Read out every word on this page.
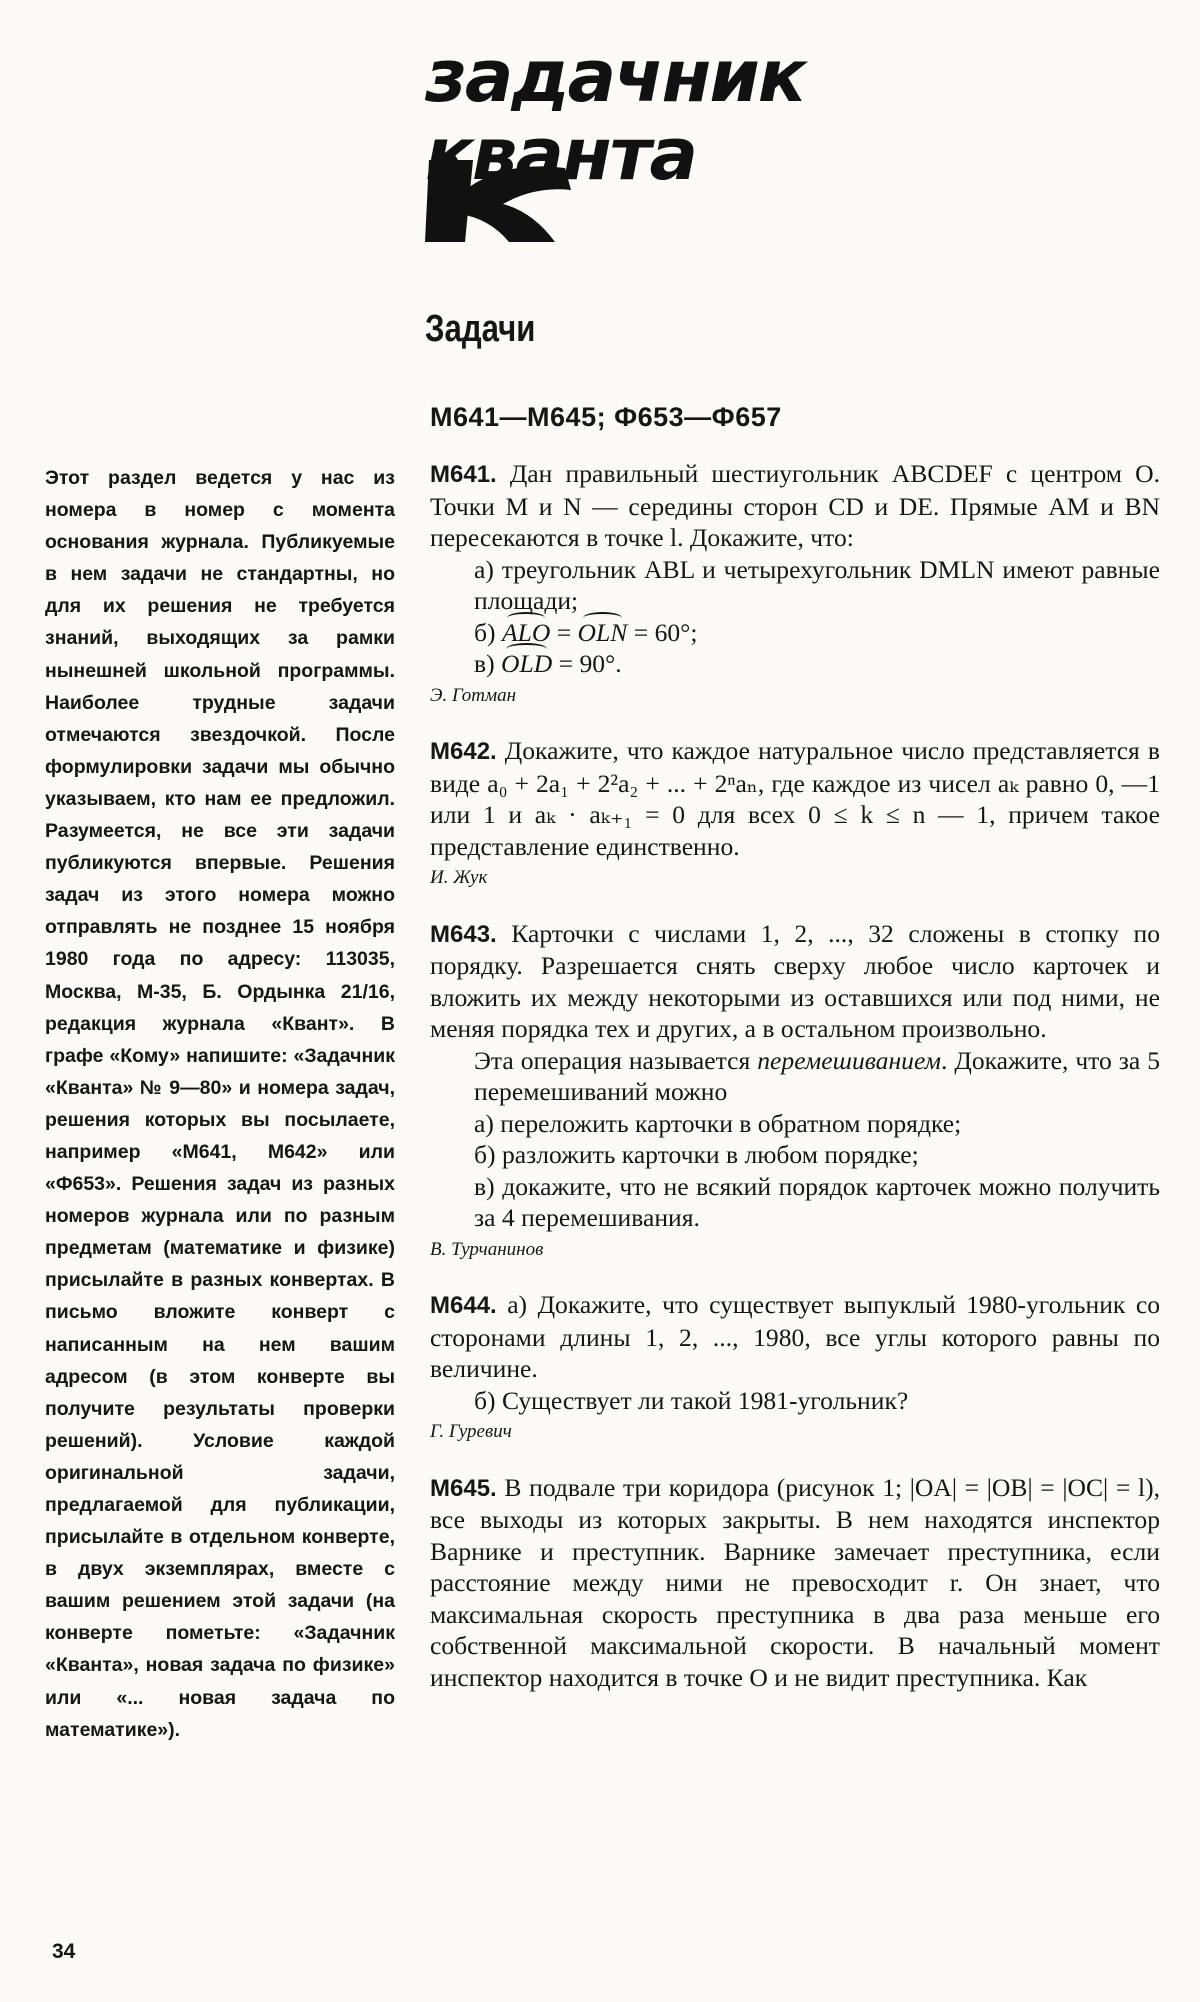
задачник
кванта
Задачи
М641—М645; Ф653—Ф657
Этот раздел ведется у нас из номера в номер с момента основания журнала. Публикуемые в нем задачи не стандартны, но для их решения не требуется знаний, выходящих за рамки нынешней школьной программы. Наиболее трудные задачи отмечаются звездочкой. После формулировки задачи мы обычно указываем, кто нам ее предложил. Разумеется, не все эти задачи публикуются впервые. Решения задач из этого номера можно отправлять не позднее 15 ноября 1980 года по адресу: 113035, Москва, М-35, Б. Ордынка 21/16, редакция журнала «Квант». В графе «Кому» напишите: «Задачник «Кванта» № 9—80» и номера задач, решения которых вы посылаете, например «М641, М642» или «Ф653». Решения задач из разных номеров журнала или по разным предметам (математике и физике) присылайте в разных конвертах. В письмо вложите конверт с написанным на нем вашим адресом (в этом конверте вы получите результаты проверки решений). Условие каждой оригинальной задачи, предлагаемой для публикации, присылайте в отдельном конверте, в двух экземплярах, вместе с вашим решением этой задачи (на конверте пометьте: «Задачник «Кванта», новая задача по физике» или «... новая задача по математике»).

М641. Дан правильный шестиугольник ABCDEF с центром O. Точки M и N — середины сторон CD и DE. Прямые AM и BN пересекаются в точке l. Докажите, что:

а) треугольник ABL и четырехугольник DMLN имеют равные площади;

б) ALO = OLN = 60°;

в) OLD = 90°.

Э. Готман

М642. Докажите, что каждое натуральное число представляется в виде a₀ + 2a₁ + 2²a₂ + ... + 2ⁿaₙ, где каждое из чисел aₖ равно 0, —1 или 1 и aₖ · aₖ₊₁ = 0 для всех 0 ≤ k ≤ n — 1, причем такое представление единственно.

И. Жук

М643. Карточки с числами 1, 2, ..., 32 сложены в стопку по порядку. Разрешается снять сверху любое число карточек и вложить их между некоторыми из оставшихся или под ними, не меняя порядка тех и других, а в остальном произвольно.

Эта операция называется перемешиванием. Докажите, что за 5 перемешиваний можно

а) переложить карточки в обратном порядке;

б) разложить карточки в любом порядке;

в) докажите, что не всякий порядок карточек можно получить за 4 перемешивания.

В. Турчанинов

М644. а) Докажите, что существует выпуклый 1980-угольник со сторонами длины 1, 2, ..., 1980, все углы которого равны по величине.

б) Существует ли такой 1981-угольник?

Г. Гуревич

М645. В подвале три коридора (рисунок 1; |OA| = |OB| = |OC| = l), все выходы из которых закрыты. В нем находятся инспектор Варнике и преступник. Варнике замечает преступника, если расстояние между ними не превосходит r. Он знает, что максимальная скорость преступника в два раза меньше его собственной максимальной скорости. В начальный момент инспектор находится в точке O и не видит преступника. Как

34
